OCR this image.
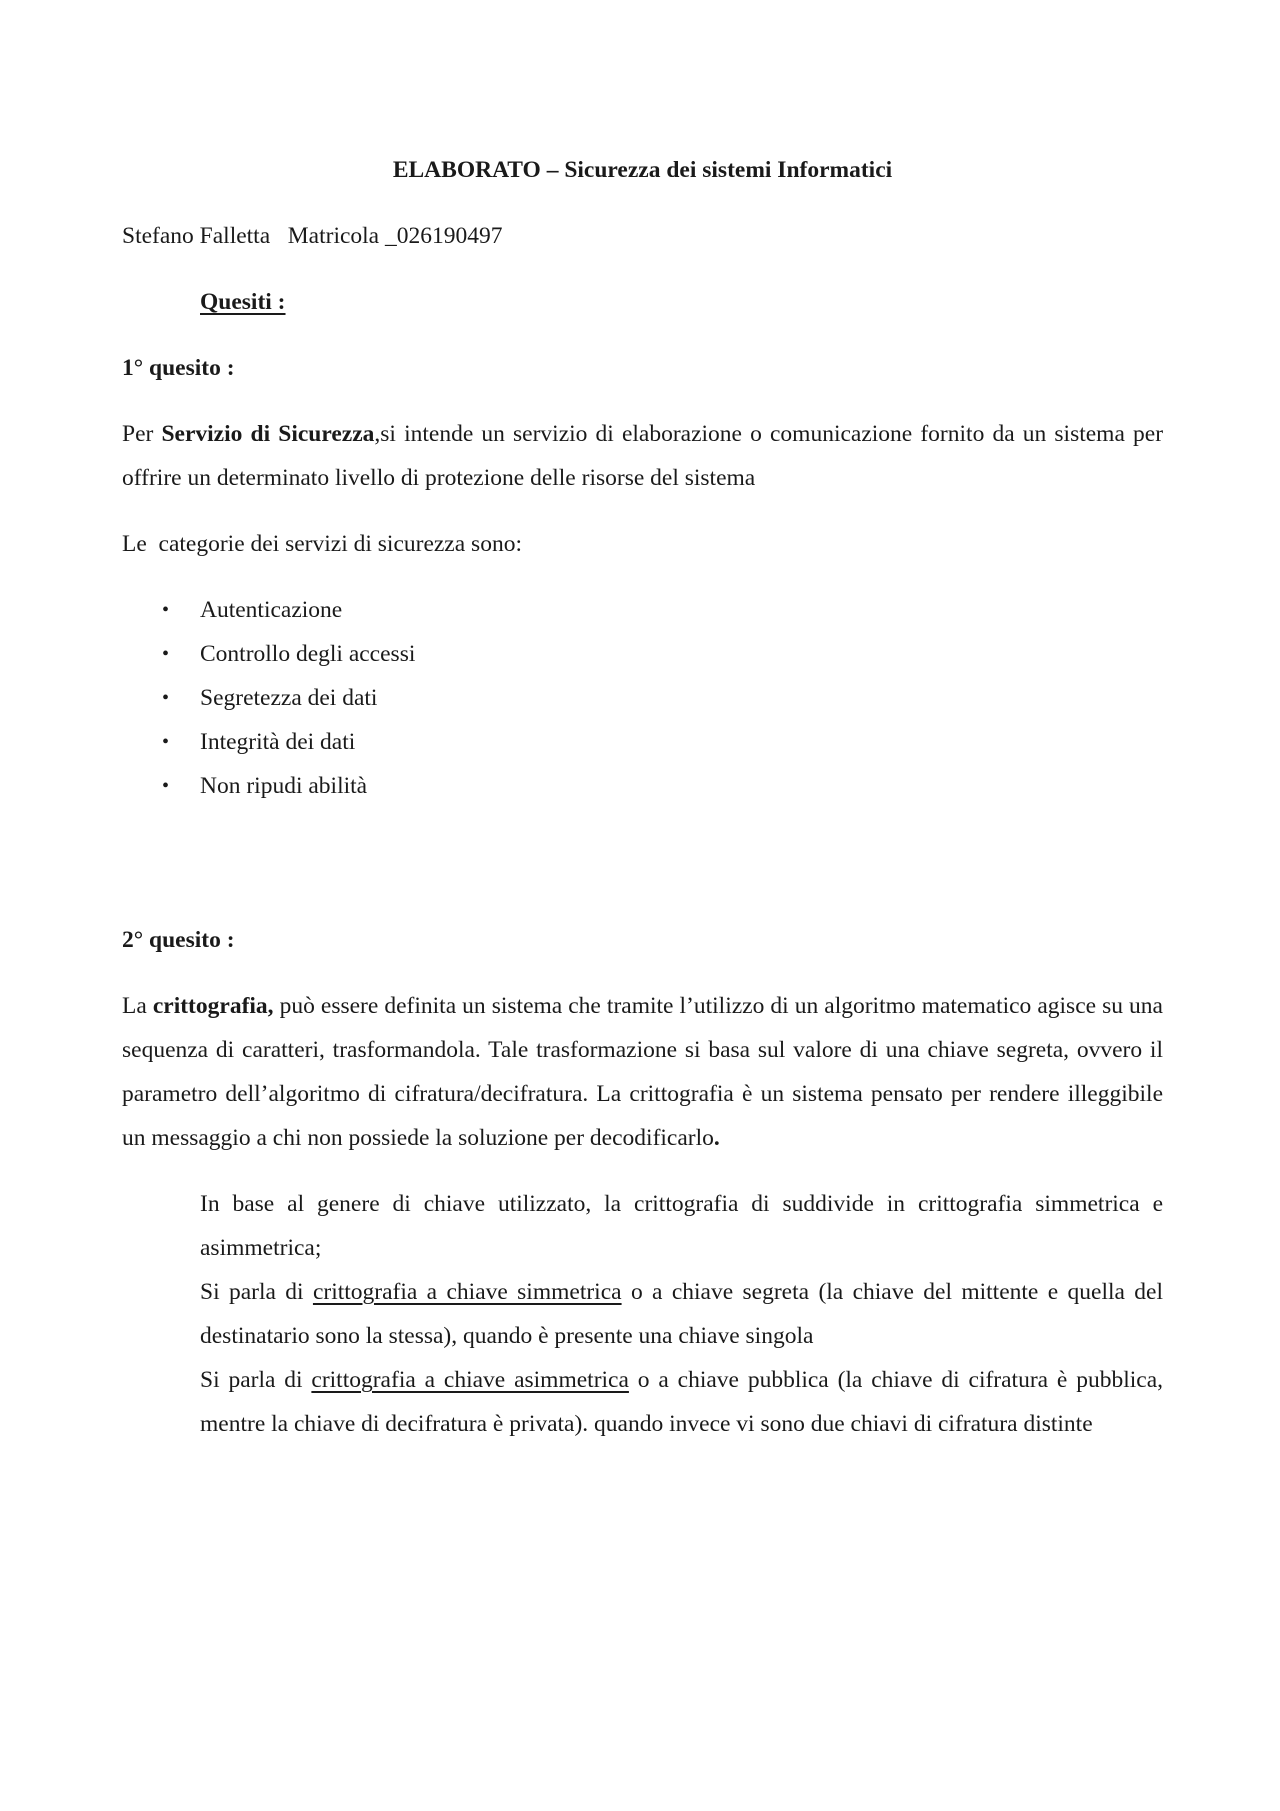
ELABORATO – Sicurezza dei sistemi Informatici
Stefano Falletta Matricola _026190497
Quesiti :
1° quesito :

Per Servizio di Sicurezza,si intende un servizio di elaborazione o comunicazione fornito da un sistema per offrire un determinato livello di protezione delle risorse del sistema

Le  categorie dei servizi di sicurezza sono:

• Autenticazione
• Controllo degli accessi
• Segretezza dei dati
• Integrità dei dati
• Non ripudi abilità
2° quesito :

La crittografia, può essere definita un sistema che tramite l’utilizzo di un algoritmo matematico agisce su una sequenza di caratteri, trasformandola. Tale trasformazione si basa sul valore di una chiave segreta, ovvero il parametro dell’algoritmo di cifratura/decifratura. La crittografia è un sistema pensato per rendere illeggibile un messaggio a chi non possiede la soluzione per decodificarlo.

In base al genere di chiave utilizzato, la crittografia di suddivide in crittografia simmetrica e asimmetrica;

Si parla di crittografia a chiave simmetrica o a chiave segreta (la chiave del mittente e quella del destinatario sono la stessa), quando è presente una chiave singola

Si parla di crittografia a chiave asimmetrica o a chiave pubblica (la chiave di cifratura è pubblica, mentre la chiave di decifratura è privata). quando invece vi sono due chiavi di cifratura distinte
